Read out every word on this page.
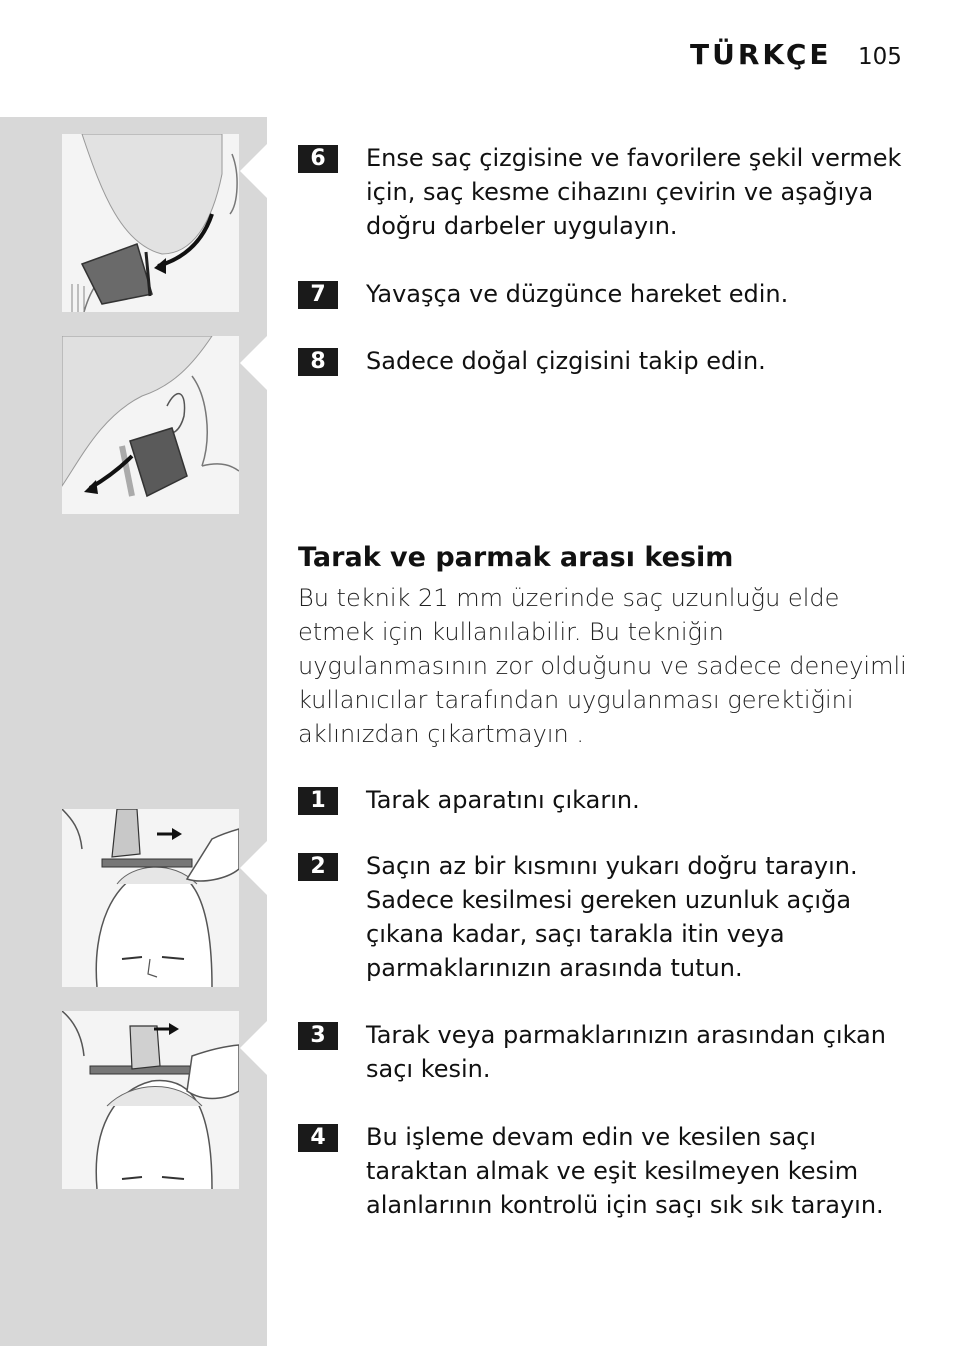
TÜRKÇE 105
6	Ense saç çizgisine ve favorilere şekil vermek için, saç kesme cihazını çevirin ve aşağıya doğru darbeler uygulayın.
7	Yavaşça ve düzgünce hareket edin.
8	Sadece doğal çizgisini takip edin.
Tarak ve parmak arası kesim
Bu teknik 21 mm üzerinde saç uzunluğu elde etmek için kullanılabilir. Bu tekniğin uygulanmasının zor olduğunu ve sadece deneyimli kullanıcılar tarafından uygulanması gerektiğini aklınızdan çıkartmayın .
1	Tarak aparatını çıkarın.
2	Saçın az bir kısmını yukarı doğru tarayın. Sadece kesilmesi gereken uzunluk açığa çıkana kadar, saçı tarakla itin veya parmaklarınızın arasında tutun.
3	Tarak veya parmaklarınızın arasından çıkan saçı kesin.
4	Bu işleme devam edin ve kesilen saçı taraktan almak ve eşit kesilmeyen kesim alanlarının kontrolü için saçı sık sık tarayın.
